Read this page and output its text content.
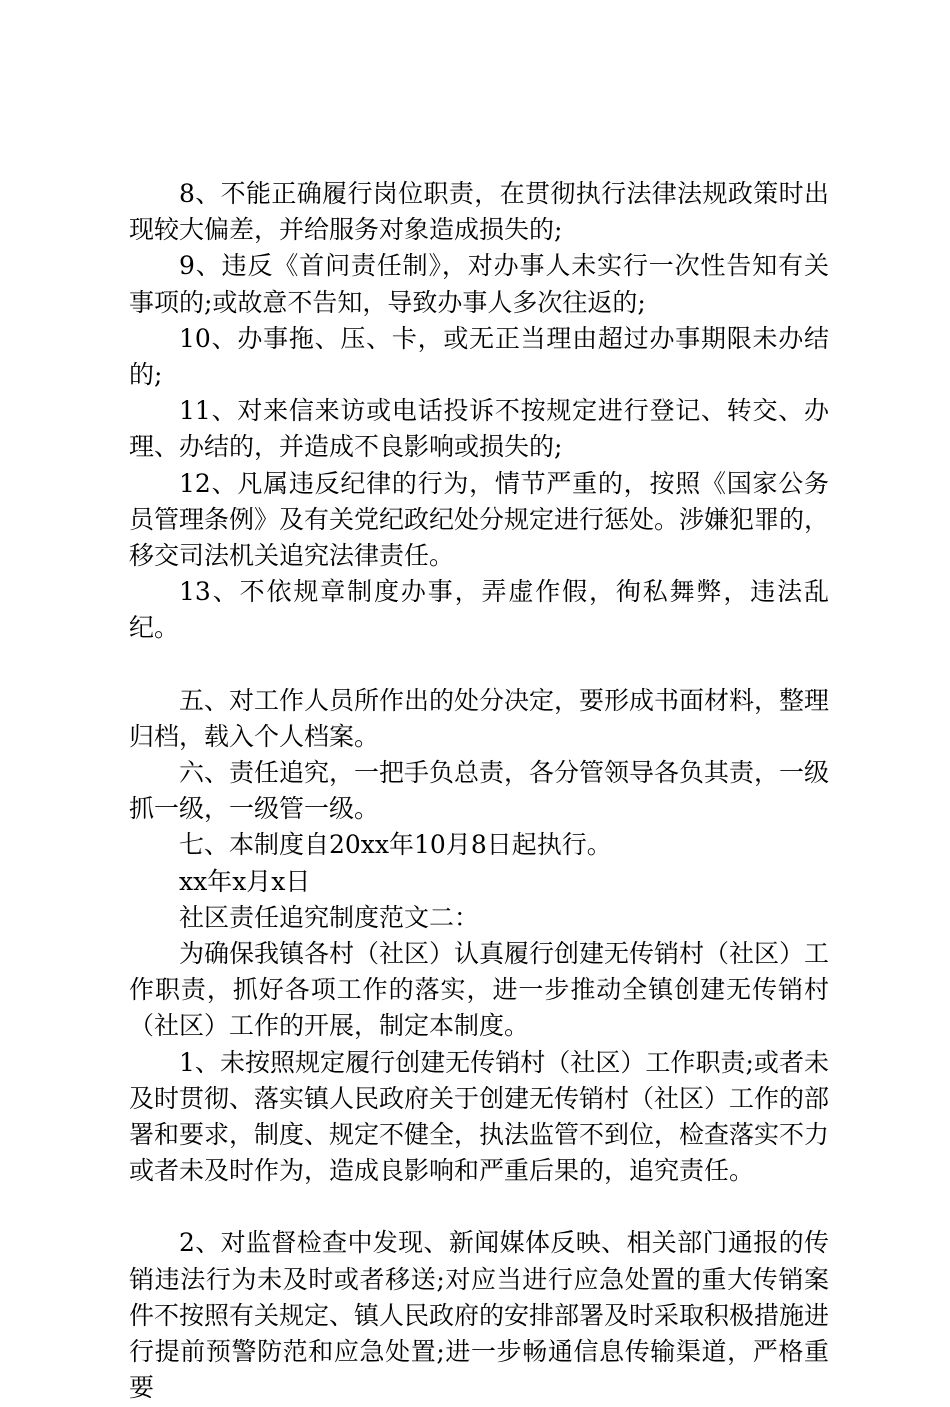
8、不能正确履行岗位职责，在贯彻执行法律法规政策时出现较大偏差，并给服务对象造成损失的;

9、违反《首问责任制》，对办事人未实行一次性告知有关事项的;或故意不告知，导致办事人多次往返的;

10、办事拖、压、卡，或无正当理由超过办事期限未办结的;

11、对来信来访或电话投诉不按规定进行登记、转交、办理、办结的，并造成不良影响或损失的;

12、凡属违反纪律的行为，情节严重的，按照《国家公务员管理条例》及有关党纪政纪处分规定进行惩处。涉嫌犯罪的，移交司法机关追究法律责任。

13、不依规章制度办事，弄虚作假，徇私舞弊，违法乱纪。

五、对工作人员所作出的处分决定，要形成书面材料，整理归档，载入个人档案。

六、责任追究，一把手负总责，各分管领导各负其责，一级抓一级，一级管一级。

七、本制度自20xx年10月8日起执行。

xx年x月x日

社区责任追究制度范文二：

为确保我镇各村（社区）认真履行创建无传销村（社区）工作职责，抓好各项工作的落实，进一步推动全镇创建无传销村（社区）工作的开展，制定本制度。

1、未按照规定履行创建无传销村（社区）工作职责;或者未及时贯彻、落实镇人民政府关于创建无传销村（社区）工作的部署和要求，制度、规定不健全，执法监管不到位，检查落实不力或者未及时作为，造成良影响和严重后果的，追究责任。

2、对监督检查中发现、新闻媒体反映、相关部门通报的传销违法行为未及时或者移送;对应当进行应急处置的重大传销案件不按照有关规定、镇人民政府的安排部署及时采取积极措施进行提前预警防范和应急处置;进一步畅通信息传输渠道，严格重要
